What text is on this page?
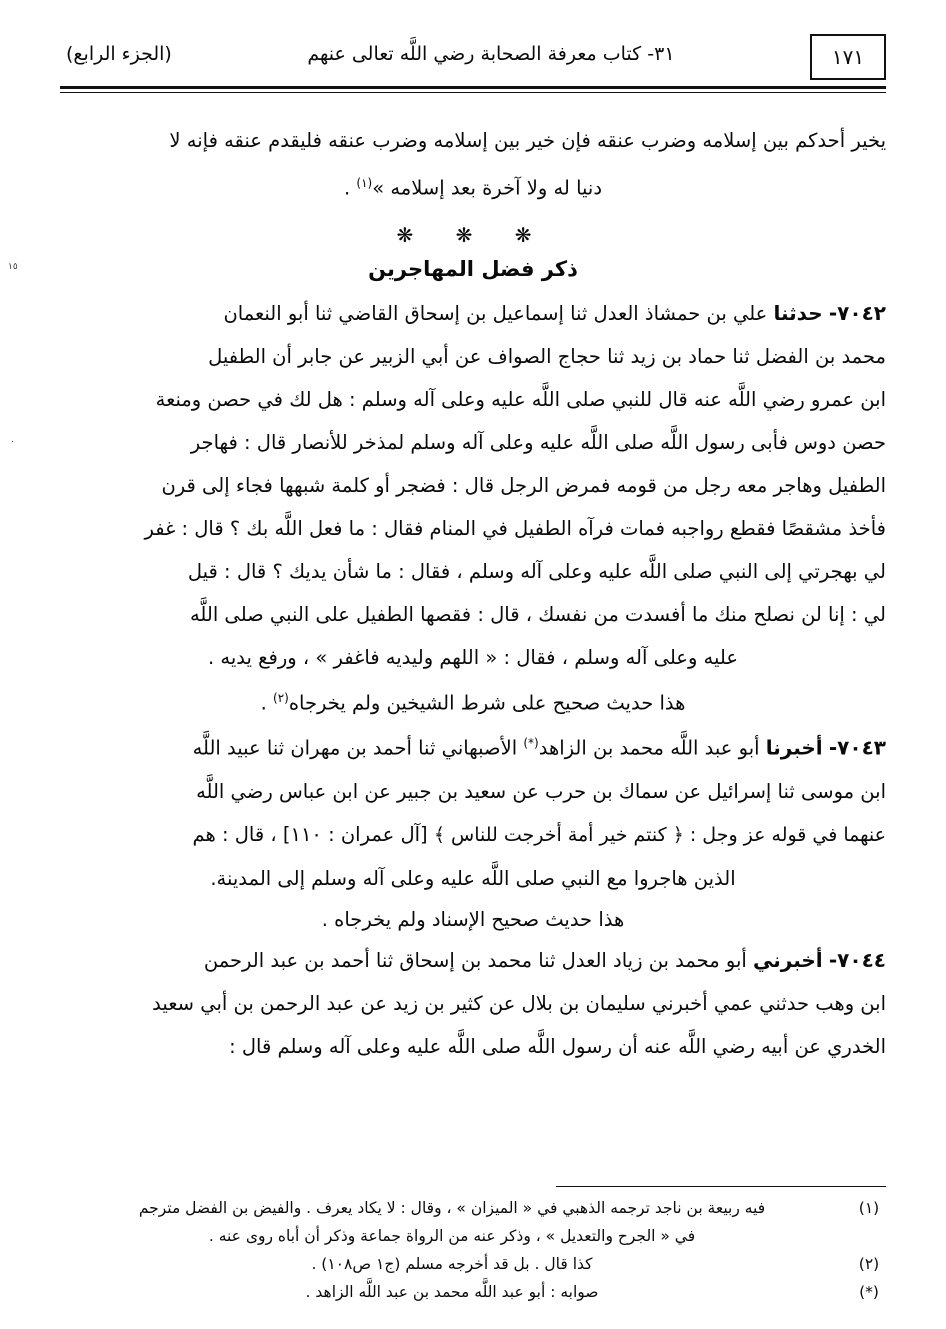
١٧١
٣١- كتاب معرفة الصحابة رضي اللَّه تعالى عنهم
(الجزء الرابع)
١٥
٠

يخير أحدكم بين إسلامه وضرب عنقه فإن خير بين إسلامه وضرب عنقه فليقدم عنقه فإنه لا

دنيا له ولا آخرة بعد إسلامه »$^{(١)}$ .

❋ ❋ ❋
ذكر فضل المهاجرين

٧٠٤٢- حدثنا علي بن حمشاذ العدل ثنا إسماعيل بن إسحاق القاضي ثنا أبو النعمان

محمد بن الفضل ثنا حماد بن زيد ثنا حجاج الصواف عن أبي الزبير عن جابر أن الطفيل

ابن عمرو رضي اللَّه عنه قال للنبي صلى اللَّه عليه وعلى آله وسلم : هل لك في حصن ومنعة

حصن دوس فأبى رسول اللَّه صلى اللَّه عليه وعلى آله وسلم لمذخر للأنصار قال : فهاجر

الطفيل وهاجر معه رجل من قومه فمرض الرجل قال : فضجر أو كلمة شبهها فجاء إلى قرن

فأخذ مشقصًا فقطع رواجبه فمات فرآه الطفيل في المنام فقال : ما فعل اللَّه بك ؟ قال : غفر

لي بهجرتي إلى النبي صلى اللَّه عليه وعلى آله وسلم ، فقال : ما شأن يديك ؟ قال : قيل

لي : إنا لن نصلح منك ما أفسدت من نفسك ، قال : فقصها الطفيل على النبي صلى اللَّه

عليه وعلى آله وسلم ، فقال : « اللهم وليديه فاغفر » ، ورفع يديه .

هذا حديث صحيح على شرط الشيخين ولم يخرجاه$^{(٢)}$ .

٧٠٤٣- أخبرنا أبو عبد اللَّه محمد بن الزاهد(*) الأصبهاني ثنا أحمد بن مهران ثنا عبيد اللَّه

ابن موسى ثنا إسرائيل عن سماك بن حرب عن سعيد بن جبير عن ابن عباس رضي اللَّه

عنهما في قوله عز وجل : ﴿ كنتم خير أمة أخرجت للناس ﴾ [آل عمران : ١١٠] ، قال : هم

الذين هاجروا مع النبي صلى اللَّه عليه وعلى آله وسلم إلى المدينة.

هذا حديث صحيح الإسناد ولم يخرجاه .

٧٠٤٤- أخبرني أبو محمد بن زياد العدل ثنا محمد بن إسحاق ثنا أحمد بن عبد الرحمن

ابن وهب حدثني عمي أخبرني سليمان بن بلال عن كثير بن زيد عن عبد الرحمن بن أبي سعيد

الخدري عن أبيه رضي اللَّه عنه أن رسول اللَّه صلى اللَّه عليه وعلى آله وسلم قال :

(١)
فيه ربيعة بن ناجد ترجمه الذهبي في « الميزان » ، وقال : لا يكاد يعرف . والفيض بن الفضل مترجم
في « الجرح والتعديل » ، وذكر عنه من الرواة جماعة وذكر أن أباه روى عنه .
(٢)
كذا قال . بل قد أخرجه مسلم (ج١ ص١٠٨) .
(*)
صوابه : أبو عبد اللَّه محمد بن عبد اللَّه الزاهد .
